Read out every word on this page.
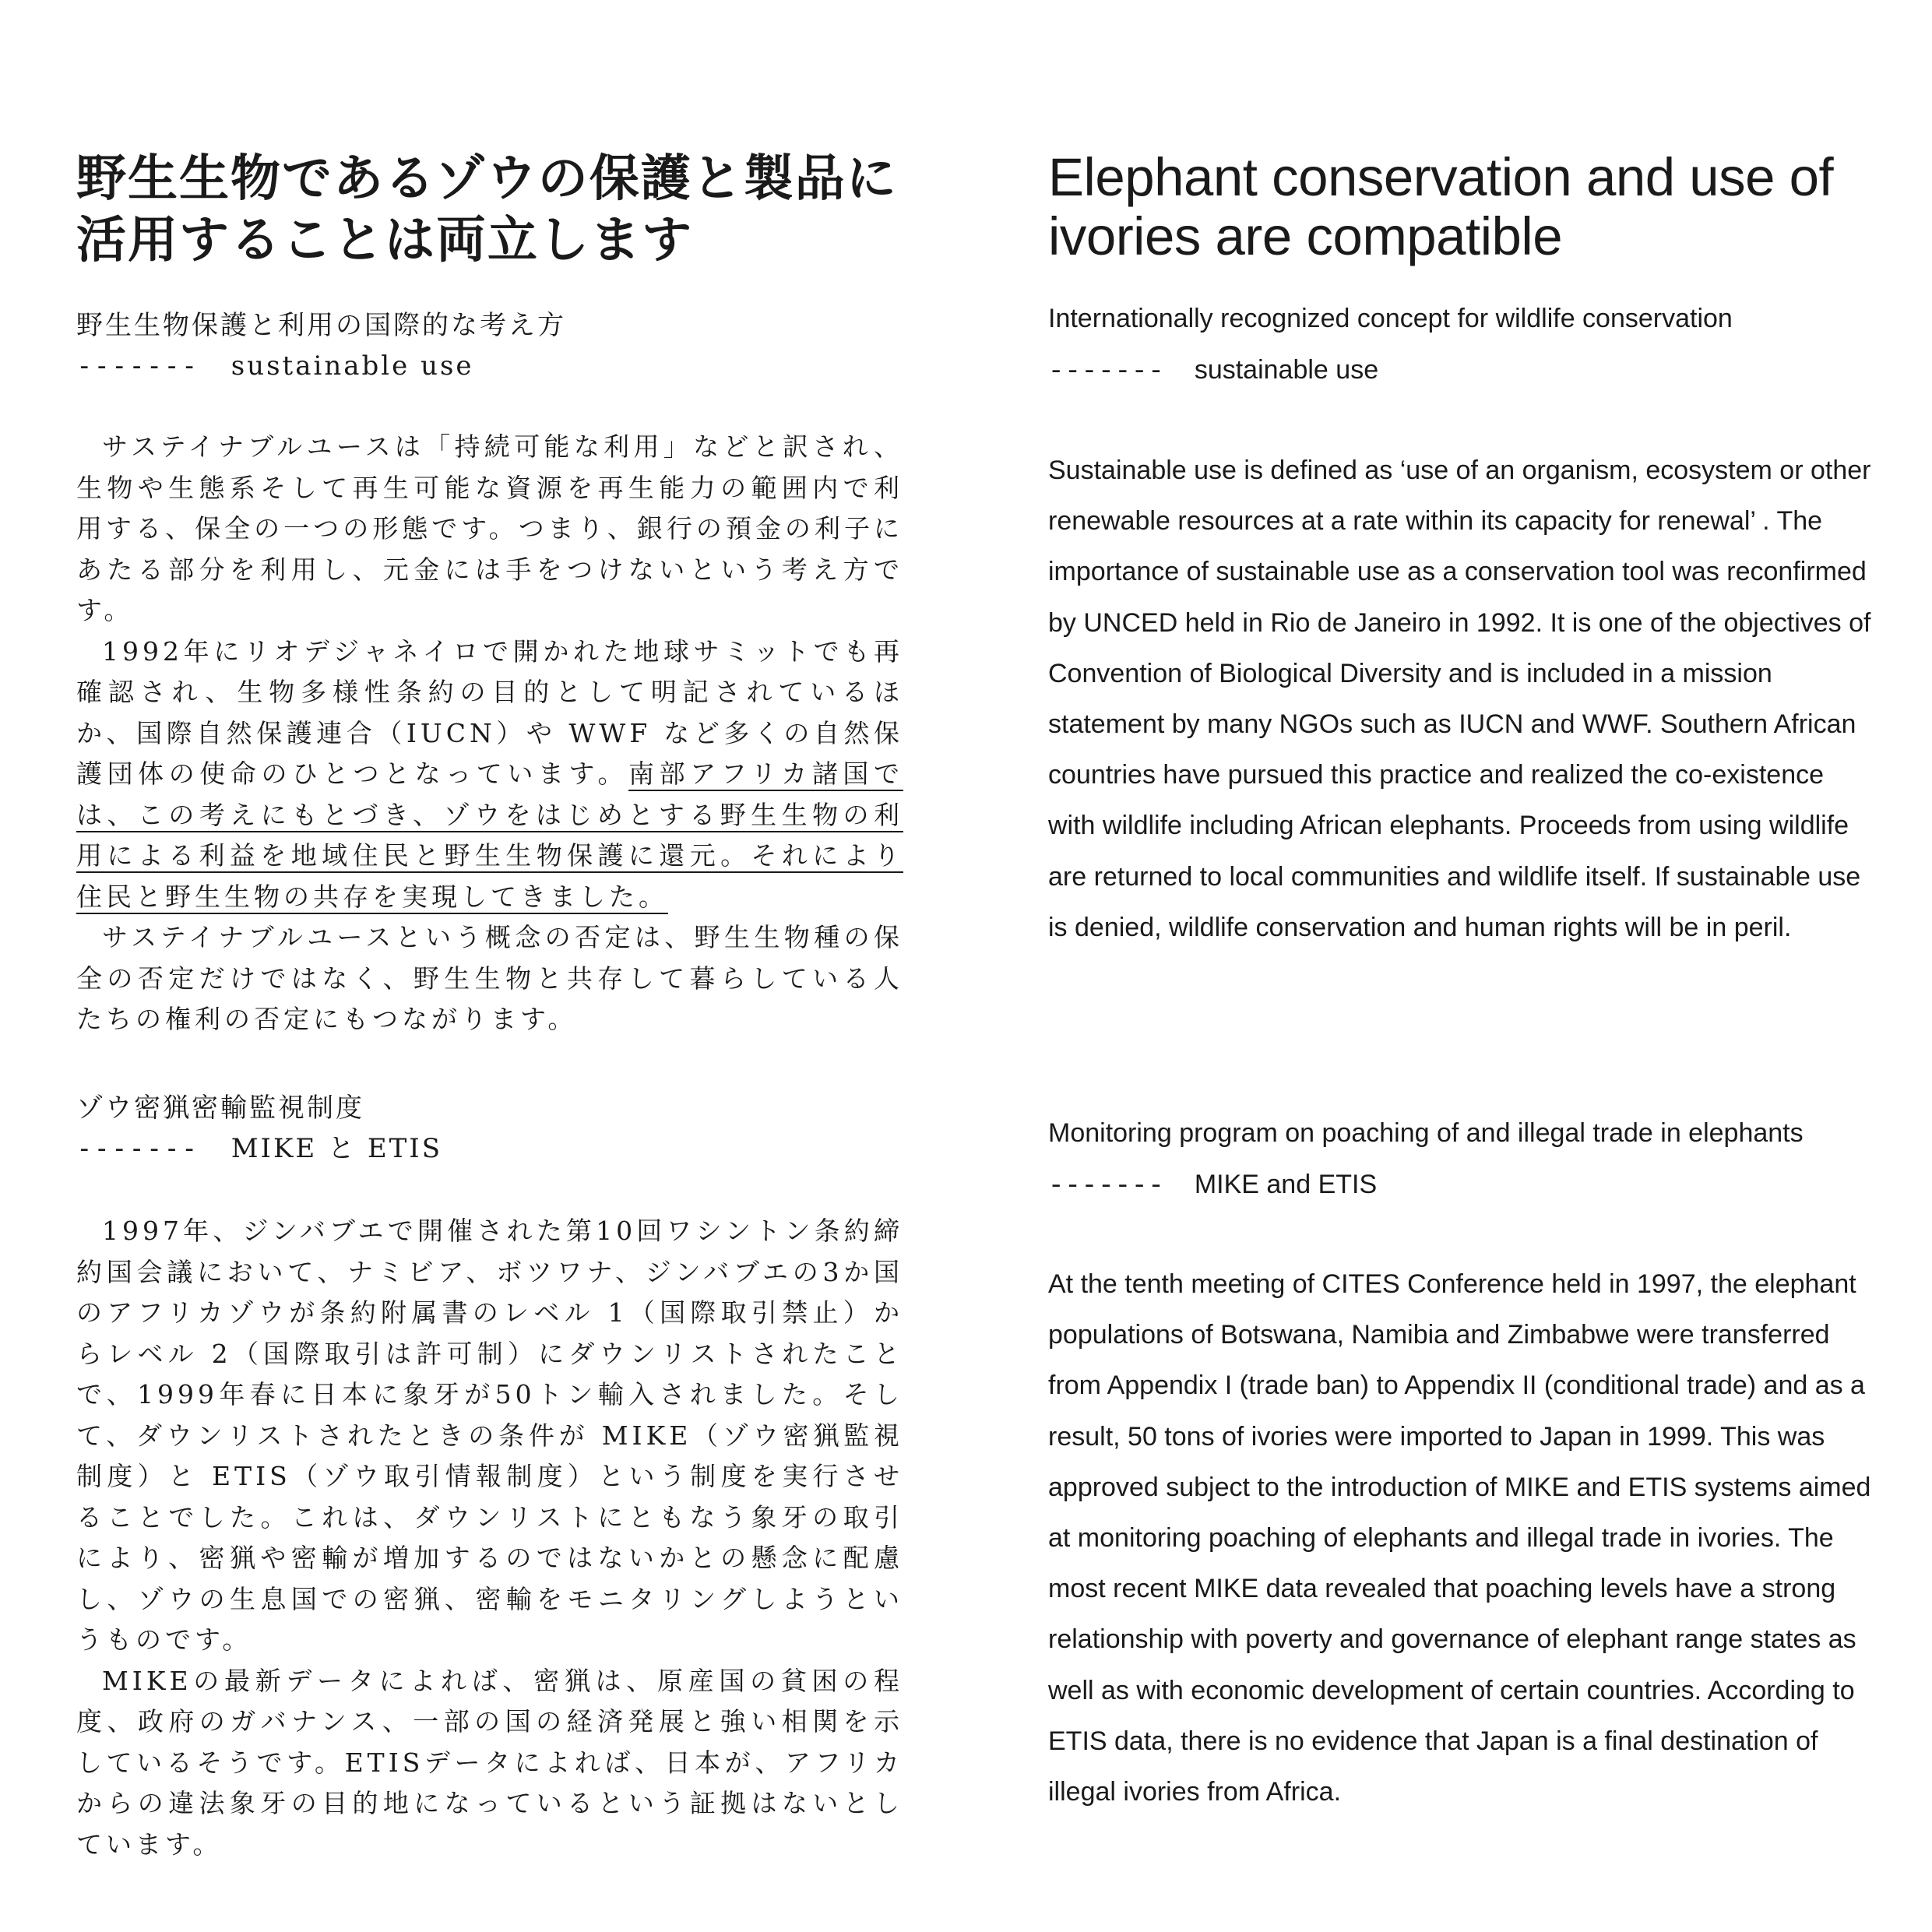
野生生物であるゾウの保護と製品に
活用することは両立します
野生生物保護と利用の国際的な考え方
------- sustainable use

サステイナブルユースは「持続可能な利用」などと訳され、生物や生態系そして再生可能な資源を再生能力の範囲内で利用する、保全の一つの形態です。つまり、銀行の預金の利子にあたる部分を利用し、元金には手をつけないという考え方です。

1992年にリオデジャネイロで開かれた地球サミットでも再確認され、生物多様性条約の目的として明記されているほか、国際自然保護連合（IUCN）や WWF など多くの自然保護団体の使命のひとつとなっています。南部アフリカ諸国では、この考えにもとづき、ゾウをはじめとする野生生物の利用による利益を地域住民と野生生物保護に還元。それにより住民と野生生物の共存を実現してきました。

サステイナブルユースという概念の否定は、野生生物種の保全の否定だけではなく、野生生物と共存して暮らしている人たちの権利の否定にもつながります。

ゾウ密猟密輸監視制度
------- MIKE と ETIS

1997年、ジンバブエで開催された第10回ワシントン条約締約国会議において、ナミビア、ボツワナ、ジンバブエの3か国のアフリカゾウが条約附属書のレベル 1（国際取引禁止）からレベル 2（国際取引は許可制）にダウンリストされたことで、1999年春に日本に象牙が50トン輸入されました。そして、ダウンリストされたときの条件が MIKE（ゾウ密猟監視制度）と ETIS（ゾウ取引情報制度）という制度を実行させることでした。これは、ダウンリストにともなう象牙の取引により、密猟や密輸が増加するのではないかとの懸念に配慮し、ゾウの生息国での密猟、密輸をモニタリングしようというものです。

MIKEの最新データによれば、密猟は、原産国の貧困の程度、政府のガバナンス、一部の国の経済発展と強い相関を示しているそうです。ETISデータによれば、日本が、アフリカからの違法象牙の目的地になっているという証拠はないとしています。

Elephant conservation and use of
ivories are compatible
Internationally recognized concept for wildlife conservation
------- sustainable use

Sustainable use is defined as ‘use of an organism, ecosystem or other renewable resources at a rate within its capacity for renewal’ . The importance of sustainable use as a conservation tool was reconfirmed by UNCED held in Rio de Janeiro in 1992. It is one of the objectives of Convention of Biological Diversity and is included in a mission statement by many NGOs such as IUCN and WWF. Southern African countries have pursued this practice and realized the co-existence with wildlife including African elephants. Proceeds from using wildlife are returned to local communities and wildlife itself. If sustainable use is denied, wildlife conservation and human rights will be in peril.

Monitoring program on poaching of and illegal trade in elephants
------- MIKE and ETIS

At the tenth meeting of CITES Conference held in 1997, the elephant populations of Botswana, Namibia and Zimbabwe were transferred from Appendix I (trade ban) to Appendix II (conditional trade) and as a result, 50 tons of ivories were imported to Japan in 1999. This was approved subject to the introduction of MIKE and ETIS systems aimed at monitoring poaching of elephants and illegal trade in ivories. The most recent MIKE data revealed that poaching levels have a strong relationship with poverty and governance of elephant range states as well as with economic development of certain countries. According to ETIS data, there is no evidence that Japan is a final destination of illegal ivories from Africa.
